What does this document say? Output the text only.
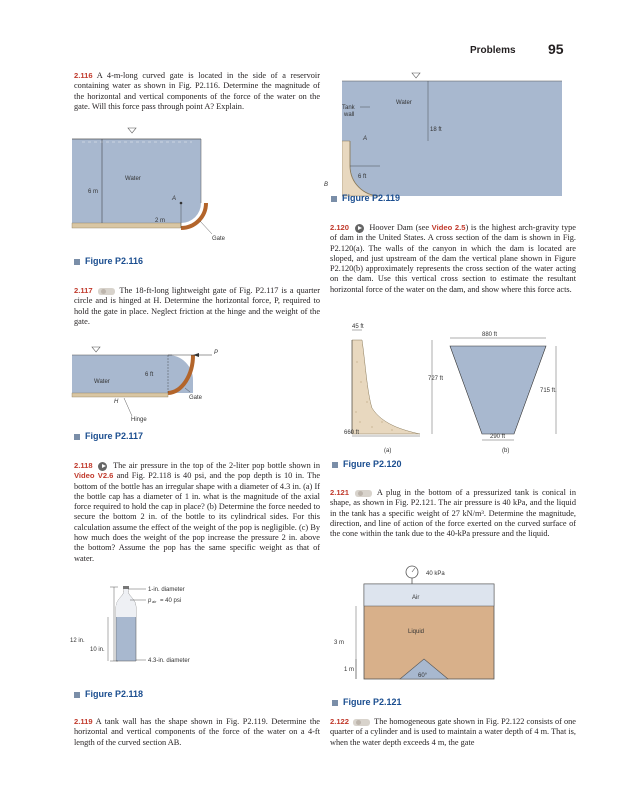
Problems 95
2.116 A 4-m-long curved gate is located in the side of a reservoir containing water as shown in Fig. P2.116. Determine the magnitude of the horizontal and vertical components of the force of the water on the gate. Will this force pass through point A? Explain.
6 m
Water
A
2 m
Gate
Figure P2.116
2.117	The 18-ft-long lightweight gate of Fig. P2.117 is a quarter circle and is hinged at H. Determine the horizontal force, P, required to hold the gate in place. Neglect friction at the hinge and the weight of the gate.
P
6 ft
Water
H
Gate
Hinge
Figure P2.117
2.118 The air pressure in the top of the 2-liter pop bottle shown in Video V2.6 and Fig. P2.118 is 40 psi, and the pop depth is 10 in. The bottom of the bottle has an irregular shape with a diameter of 4.3 in. (a) If the bottle cap has a diameter of 1 in. what is the magnitude of the axial force required to hold the cap in place? (b) Determine the force needed to secure the bottom 2 in. of the bottle to its cylindrical sides. For this calculation assume the effect of the weight of the pop is negligible. (c) By how much does the weight of the pop increase the pressure 2 in. above the bottom? Assume the pop has the same specific weight as that of water.
12 in.
10 in.
1-in. diameter
p air = 40 psi
4.3-in. diameter
Figure P2.118
2.119 A tank wall has the shape shown in Fig. P2.119. Determine the horizontal and vertical components of the force of the water on a 4-ft length of the curved section AB.
Water
Tank
wall
18 ft
A
6 ft
B
Figure P2.119
2.120 Hoover Dam (see Video 2.5) is the highest arch-gravity type of dam in the United States. A cross section of the dam is shown in Fig. P2.120(a). The walls of the canyon in which the dam is located are sloped, and just upstream of the dam the vertical plane shown in Figure P2.120(b) approximately represents the cross section of the water acting on the dam. Use this vertical cross section to estimate the resultant horizontal force of the water on the dam, and show where this force acts.
45 ft
727 ft
660 ft
(a)
880 ft
715 ft.
290 ft
(b)
Figure P2.120
2.121	A plug in the bottom of a pressurized tank is conical in shape, as shown in Fig. P2.121. The air pressure is 40 kPa, and the liquid in the tank has a specific weight of 27 kN/m³. Determine the magnitude, direction, and line of action of the force exerted on the curved surface of the cone within the tank due to the 40-kPa pressure and the liquid.
40 kPa
Air
Liquid
3 m
1 m
60°
Figure P2.121
2.122	The homogeneous gate shown in Fig. P2.122 consists of one quarter of a cylinder and is used to maintain a water depth of 4 m. That is, when the water depth exceeds 4 m, the gate
